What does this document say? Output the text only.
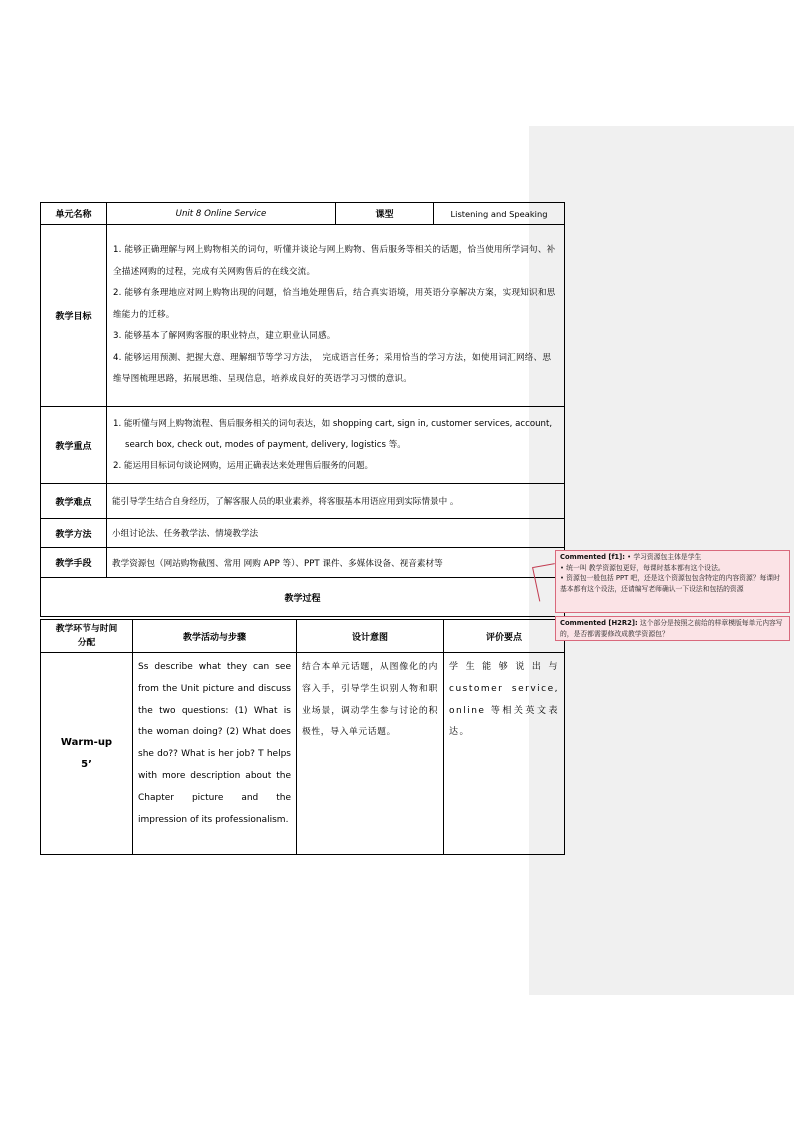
单元名称	Unit 8 Online Service	课型	Listening and Speaking
教学目标	1. 能够正确理解与网上购物相关的词句，听懂并谈论与网上购物、售后服务等相关的话题，恰当使用所学词句、补全描述网购的过程，完成有关网购售后的在线交流。

2. 能够有条理地应对网上购物出现的问题，恰当地处理售后，结合真实语境，用英语分享解决方案，实现知识和思维能力的迁移。

3. 能够基本了解网购客服的职业特点，建立职业认同感。

4. 能够运用预测、把握大意、理解细节等学习方法，　完成语言任务；采用恰当的学习方法，如使用词汇网络、思维导图梳理思路，拓展思维、呈现信息，培养成良好的英语学习习惯的意识。		

教学重点	1. 能听懂与网上购物流程、售后服务相关的词句表达，如 shopping cart, sign in, customer services, account, search box, check out, modes of payment, delivery, logistics 等。

2. 能运用目标词句谈论网购，运用正确表达来处理售后服务的问题。		

教学难点	能引导学生结合自身经历，了解客服人员的职业素养，将客服基本用语应用到实际情景中 。		
教学方法	小组讨论法、任务教学法、情境教学法		
教学手段	教学资源包（网站购物截图、常用 网购 APP 等）、PPT 课件、多媒体设备、视音素材等		
教学过程			
教学环节与时间分配	教学活动与步骤	设计意图	评价要点

Warm-up
5’	Ss describe what they can see from the Unit picture and discuss the two questions: (1) What is the woman doing? (2) What does she do?? What is her job? T helps with more description about the Chapter picture and the impression of its professionalism.	结合本单元话题，从图像化的内容入手，引导学生识别人物和职业场景，调动学生参与讨论的积极性，导入单元话题。	学生能够说出与 customer service, online 等相关英文表达。
Commented [f1]: • 学习资源包主体是学生
• 统一叫 教学资源包更好，每课时基本都有这个设法。
• 资源包一般包括 PPT 吧，还是这个资源包包含特定的内容资源？每课时基本都有这个设法，还请编写老师确认一下设法和包括的资源
Commented [H2R2]: 这个部分是按照之前给的样章模版每单元内容写的，是否都需要修改成教学资源包？
